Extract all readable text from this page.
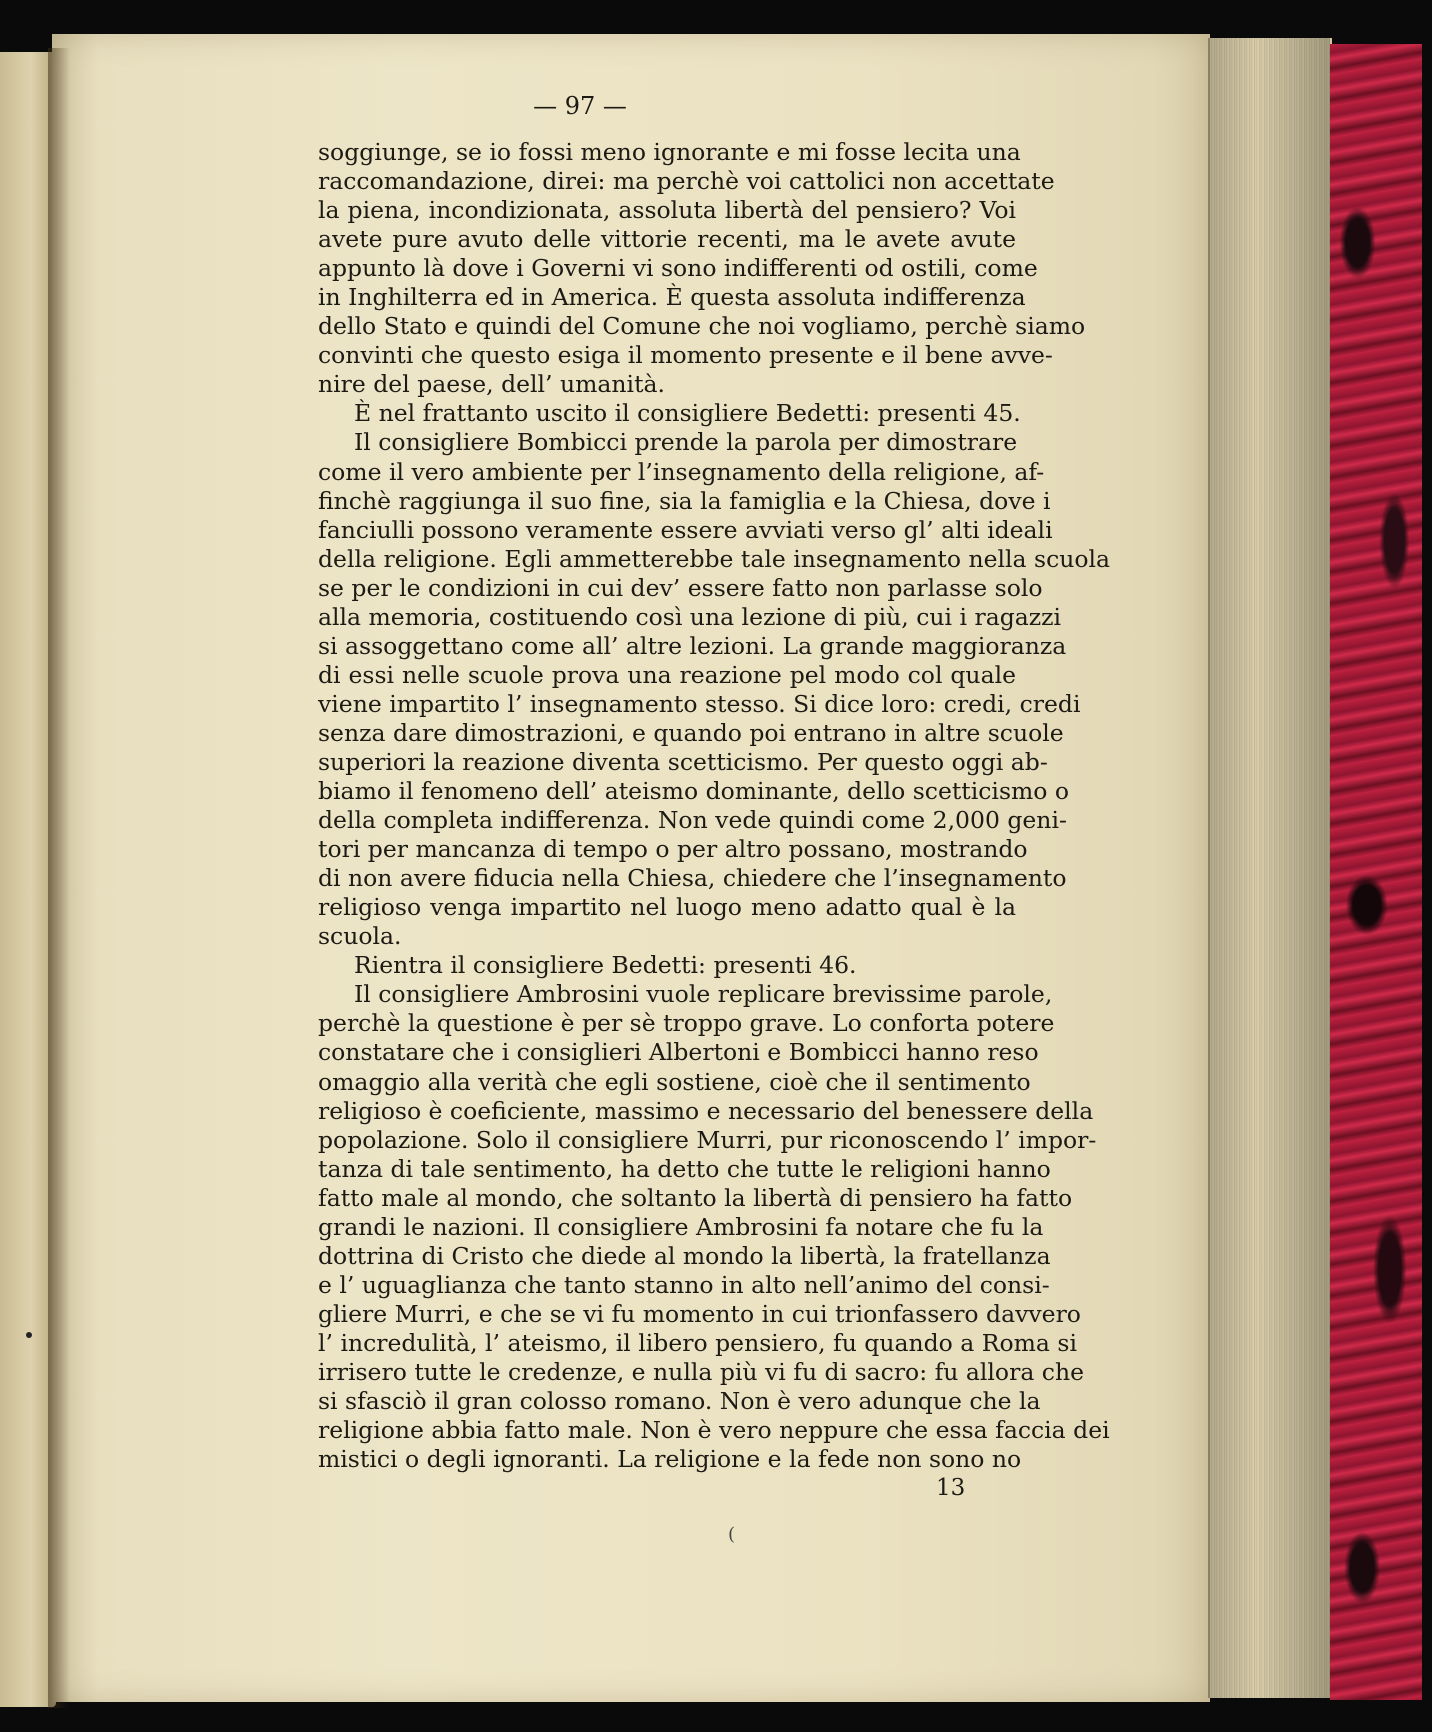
— 97 —
soggiunge, se io fossi meno ignorante e mi fosse lecita una
raccomandazione, direi: ma perchè voi cattolici non accettate
la piena, incondizionata, assoluta libertà del pensiero? Voi
avete pure avuto delle vittorie recenti, ma le avete avute
appunto là dove i Governi vi sono indifferenti od ostili, come
in Inghilterra ed in America. È questa assoluta indifferenza
dello Stato e quindi del Comune che noi vogliamo, perchè siamo
convinti che questo esiga il momento presente e il bene avve-
nire del paese, dell’ umanità.
È nel frattanto uscito il consigliere Bedetti: presenti 45.
Il consigliere Bombicci prende la parola per dimostrare
come il vero ambiente per l’insegnamento della religione, af-
finchè raggiunga il suo fine, sia la famiglia e la Chiesa, dove i
fanciulli possono veramente essere avviati verso gl’ alti ideali
della religione. Egli ammetterebbe tale insegnamento nella scuola
se per le condizioni in cui dev’ essere fatto non parlasse solo
alla memoria, costituendo così una lezione di più, cui i ragazzi
si assoggettano come all’ altre lezioni. La grande maggioranza
di essi nelle scuole prova una reazione pel modo col quale
viene impartito l’ insegnamento stesso. Si dice loro: credi, credi
senza dare dimostrazioni, e quando poi entrano in altre scuole
superiori la reazione diventa scetticismo. Per questo oggi ab-
biamo il fenomeno dell’ ateismo dominante, dello scetticismo o
della completa indifferenza. Non vede quindi come 2,000 geni-
tori per mancanza di tempo o per altro possano, mostrando
di non avere fiducia nella Chiesa, chiedere che l’insegnamento
religioso venga impartito nel luogo meno adatto qual è la
scuola.
Rientra il consigliere Bedetti: presenti 46.
Il consigliere Ambrosini vuole replicare brevissime parole,
perchè la questione è per sè troppo grave. Lo conforta potere
constatare che i consiglieri Albertoni e Bombicci hanno reso
omaggio alla verità che egli sostiene, cioè che il sentimento
religioso è coeficiente, massimo e necessario del benessere della
popolazione. Solo il consigliere Murri, pur riconoscendo l’ impor-
tanza di tale sentimento, ha detto che tutte le religioni hanno
fatto male al mondo, che soltanto la libertà di pensiero ha fatto
grandi le nazioni. Il consigliere Ambrosini fa notare che fu la
dottrina di Cristo che diede al mondo la libertà, la fratellanza
e l’ uguaglianza che tanto stanno in alto nell’animo del consi-
gliere Murri, e che se vi fu momento in cui trionfassero davvero
l’ incredulità, l’ ateismo, il libero pensiero, fu quando a Roma si
irrisero tutte le credenze, e nulla più vi fu di sacro: fu allora che
si sfasciò il gran colosso romano. Non è vero adunque che la
religione abbia fatto male. Non è vero neppure che essa faccia dei
mistici o degli ignoranti. La religione e la fede non sono no
13
(
